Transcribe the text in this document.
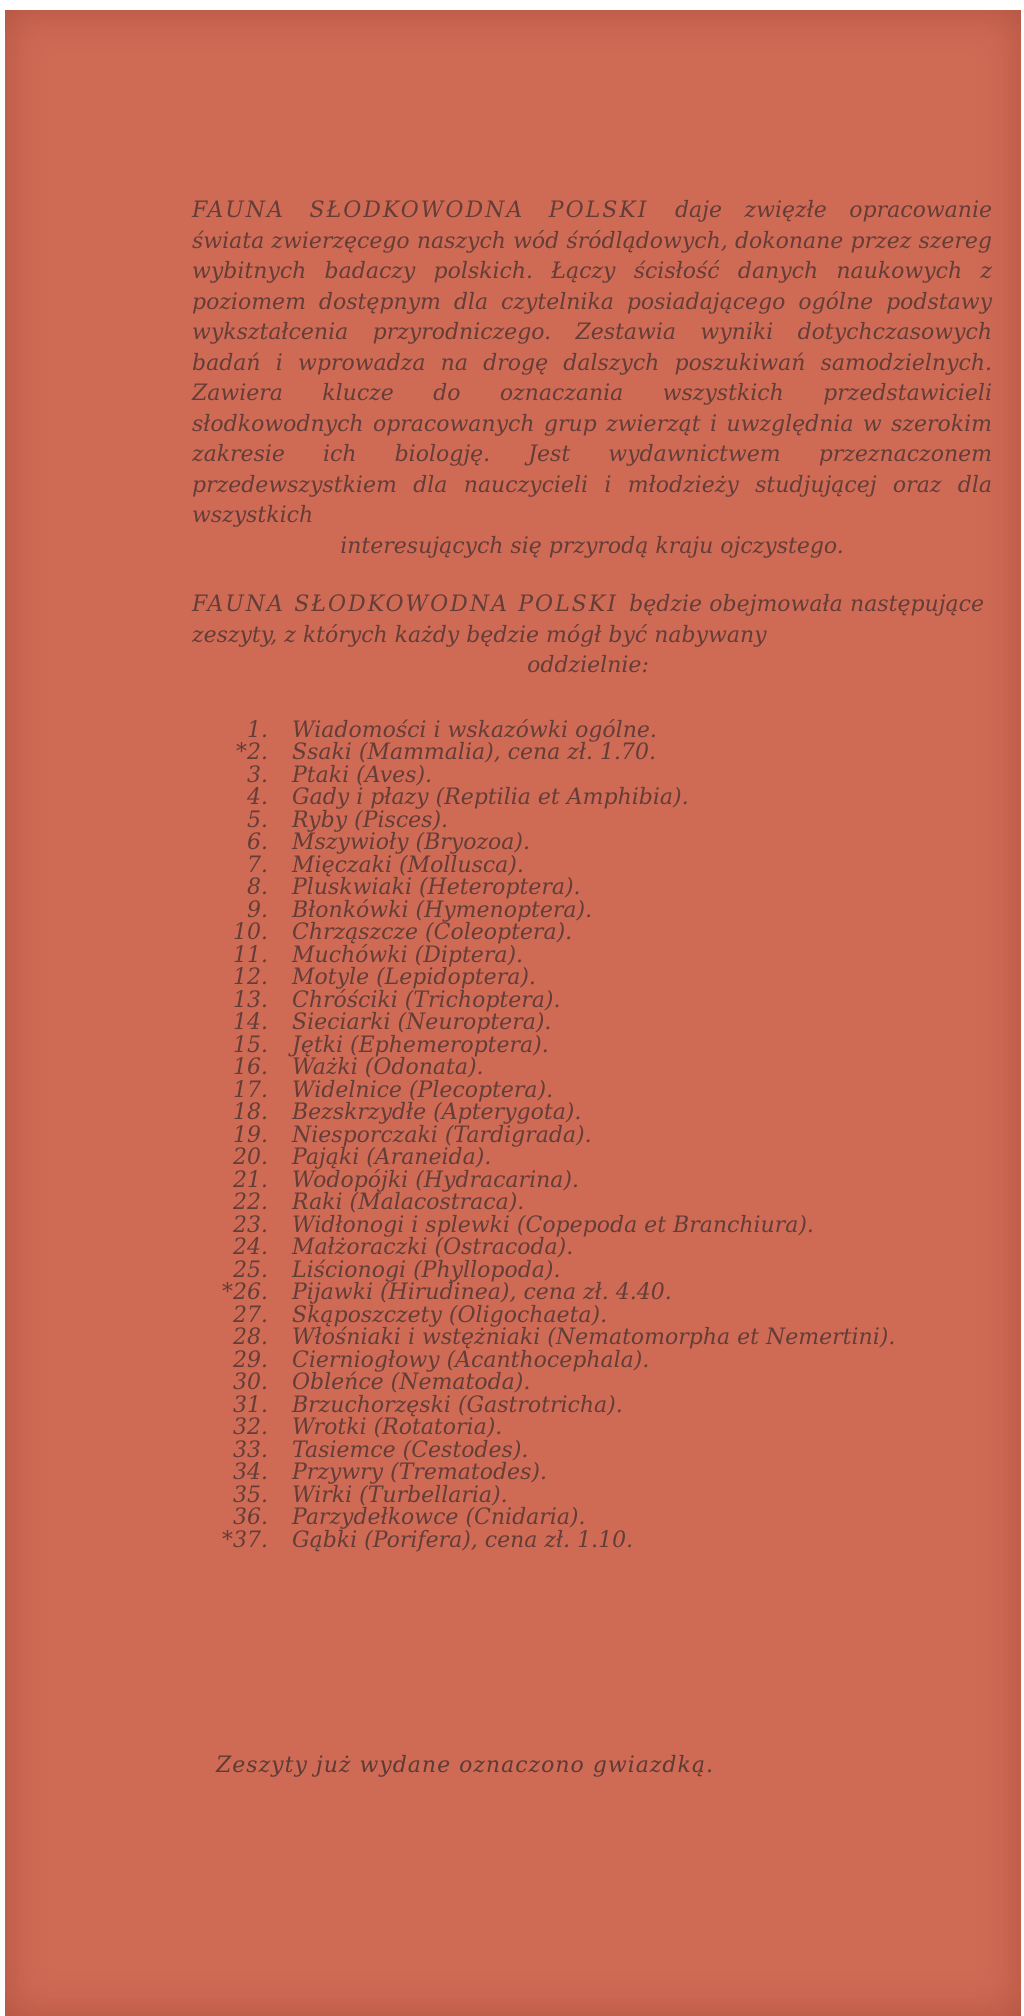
FAUNA SŁODKOWODNA POLSKI daje zwięzłe opracowanie świata zwierzęcego naszych wód śródlądowych, dokonane przez szereg wybitnych badaczy polskich. Łączy ścisłość danych naukowych z poziomem dostępnym dla czytelnika posiadającego ogólne podstawy wykształcenia przyrodniczego. Zestawia wyniki dotychczasowych badań i wprowadza na drogę dalszych poszukiwań samodzielnych. Zawiera klucze do oznaczania wszystkich przedstawicieli słodkowodnych opracowanych grup zwierząt i uwzględnia w szerokim zakresie ich biologję. Jest wydawnictwem przeznaczonem przedewszystkiem dla nauczycieli i młodzieży studjującej oraz dla wszystkich
interesujących się przyrodą kraju ojczystego.

FAUNA SŁODKOWODNA POLSKI będzie obejmowała następujące zeszyty, z których każdy będzie mógł być nabywany
oddzielnie:

1. Wiadomości i wskazówki ogólne.
*2. Ssaki (Mammalia), cena zł. 1.70.
3. Ptaki (Aves).
4. Gady i płazy (Reptilia et Amphibia).
5. Ryby (Pisces).
6. Mszywioły (Bryozoa).
7. Mięczaki (Mollusca).
8. Pluskwiaki (Heteroptera).
9. Błonkówki (Hymenoptera).
10. Chrząszcze (Coleoptera).
11. Muchówki (Diptera).
12. Motyle (Lepidoptera).
13. Chróściki (Trichoptera).
14. Sieciarki (Neuroptera).
15. Jętki (Ephemeroptera).
16. Ważki (Odonata).
17. Widelnice (Plecoptera).
18. Bezskrzydłe (Apterygota).
19. Niesporczaki (Tardigrada).
20. Pająki (Araneida).
21. Wodopójki (Hydracarina).
22. Raki (Malacostraca).
23. Widłonogi i splewki (Copepoda et Branchiura).
24. Małżoraczki (Ostracoda).
25. Liścionogi (Phyllopoda).
*26. Pijawki (Hirudinea), cena zł. 4.40.
27. Skąposzczety (Oligochaeta).
28. Włośniaki i wstężniaki (Nematomorpha et Nemertini).
29. Cierniogłowy (Acanthocephala).
30. Obleńce (Nematoda).
31. Brzuchorzęski (Gastrotricha).
32. Wrotki (Rotatoria).
33. Tasiemce (Cestodes).
34. Przywry (Trematodes).
35. Wirki (Turbellaria).
36. Parzydełkowce (Cnidaria).
*37. Gąbki (Porifera), cena zł. 1.10.
Zeszyty już wydane oznaczono gwiazdką.
